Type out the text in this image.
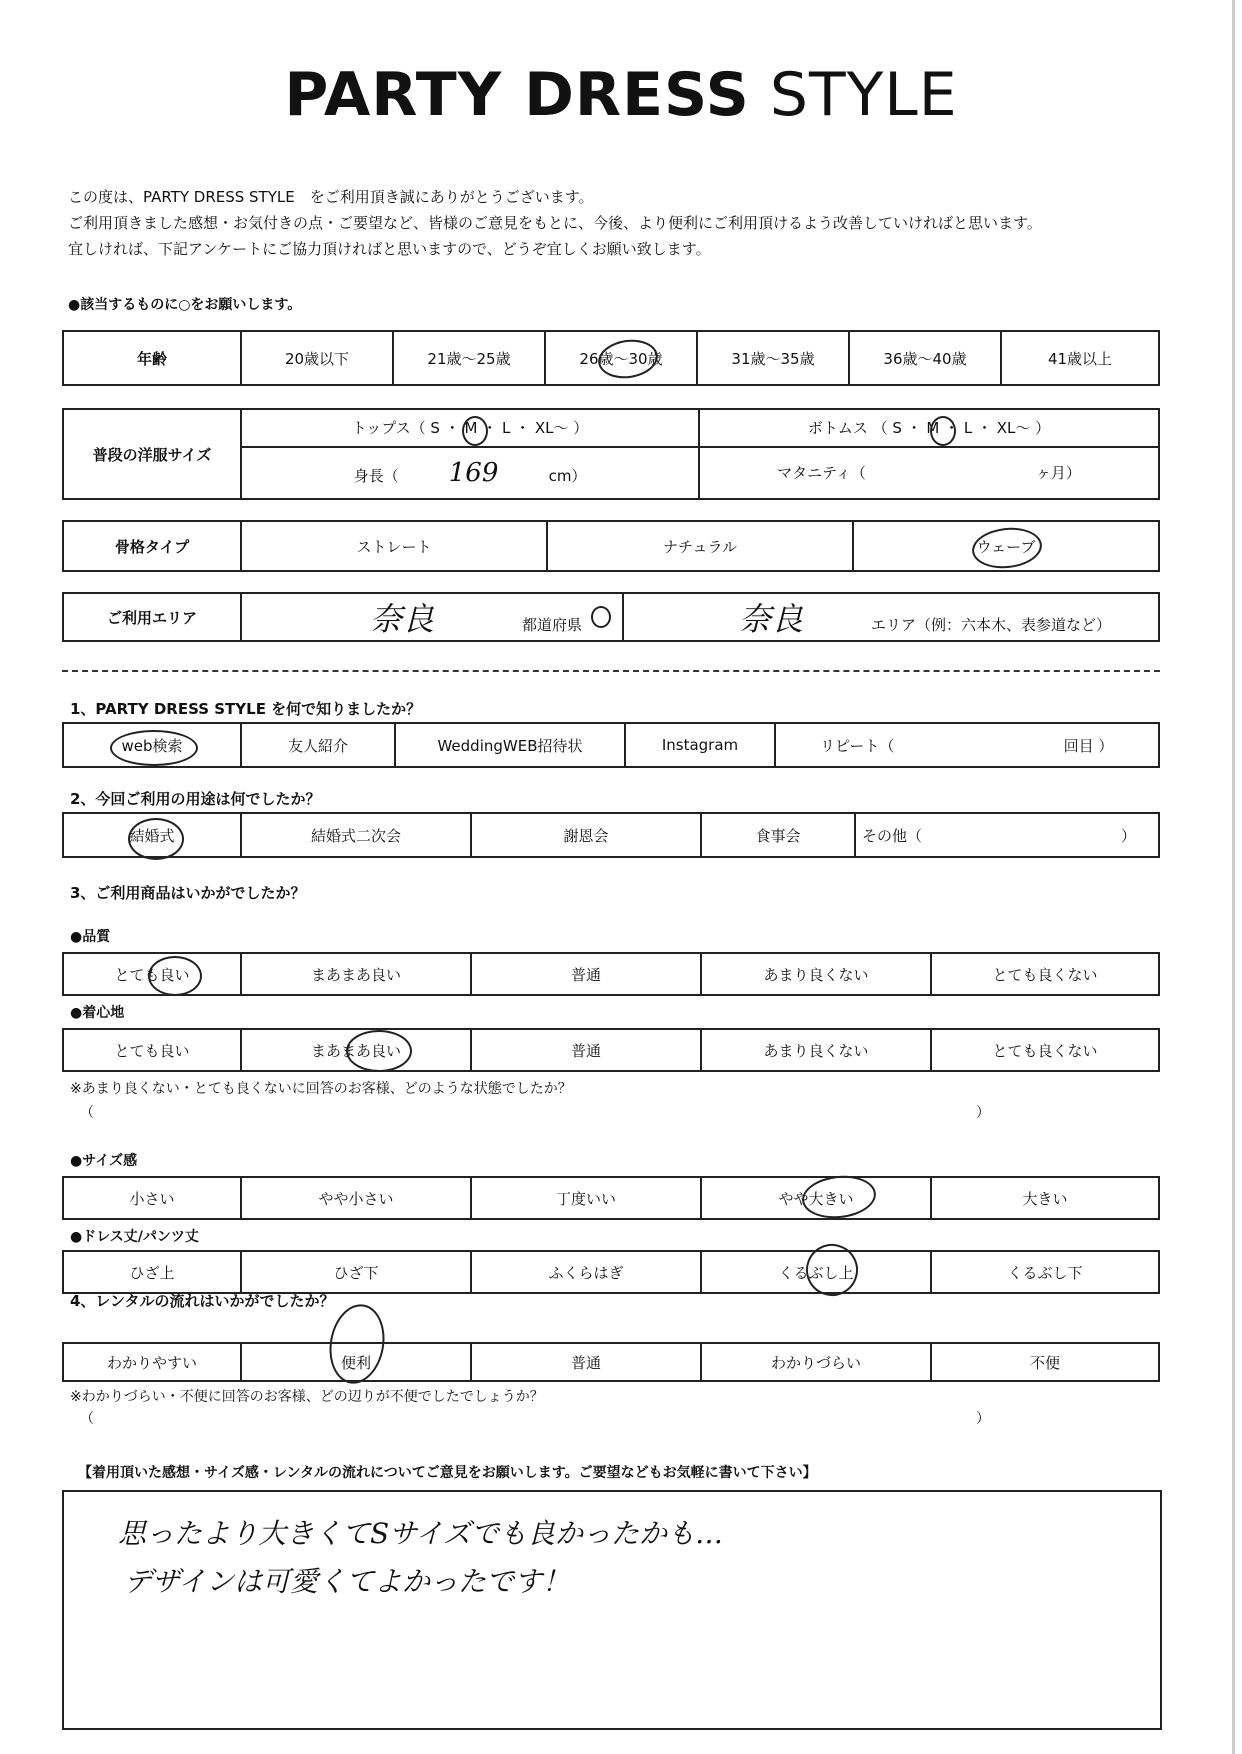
PARTY DRESS STYLE
この度は、PARTY DRESS STYLE　をご利用頂き誠にありがとうございます。
ご利用頂きました感想・お気付きの点・ご要望など、皆様のご意見をもとに、今後、より便利にご利用頂けるよう改善していければと思います。
宜しければ、下記アンケートにご協力頂ければと思いますので、どうぞ宜しくお願い致します。
●該当するものに○をお願いします。
年齢	20歳以下	21歳〜25歳	26歳〜30歳	31歳〜35歳	36歳〜40歳	41歳以上
普段の洋服サイズ	トップス（ S ・ M ・ L ・ XL〜 ）	ボトムス （ S ・ M ・ L ・ XL〜 ）
	身長（ 169 cm）	マタニティ（ ヶ月）
骨格タイプ	ストレート	ナチュラル	ウェーブ
ご利用エリア	奈良	都道府県	奈良	エリア（例：六本木、表参道など）
1、PARTY DRESS STYLE を何で知りましたか？
web検索	友人紹介	WeddingWEB招待状	Instagram	リピート（	回目 ）
2、今回ご利用の用途は何でしたか？
結婚式	結婚式二次会	謝恩会	食事会	その他（	）
3、ご利用商品はいかがでしたか？
●品質
とても良い	まあまあ良い	普通	あまり良くない	とても良くない
●着心地
とても良い	まあまあ良い	普通	あまり良くない	とても良くない
※あまり良くない・とても良くないに回答のお客様、どのような状態でしたか？
（	）
●サイズ感
小さい	やや小さい	丁度いい	やや大きい	大きい
●ドレス丈/パンツ丈
ひざ上	ひざ下	ふくらはぎ	くるぶし上	くるぶし下
4、レンタルの流れはいかがでしたか？
わかりやすい	便利	普通	わかりづらい	不便
※わかりづらい・不便に回答のお客様、どの辺りが不便でしたでしょうか？
（	）
【着用頂いた感想・サイズ感・レンタルの流れについてご意見をお願いします。ご要望などもお気軽に書いて下さい】
思ったより大きくてSサイズでも良かったかも…
デザインは可愛くてよかったです！
